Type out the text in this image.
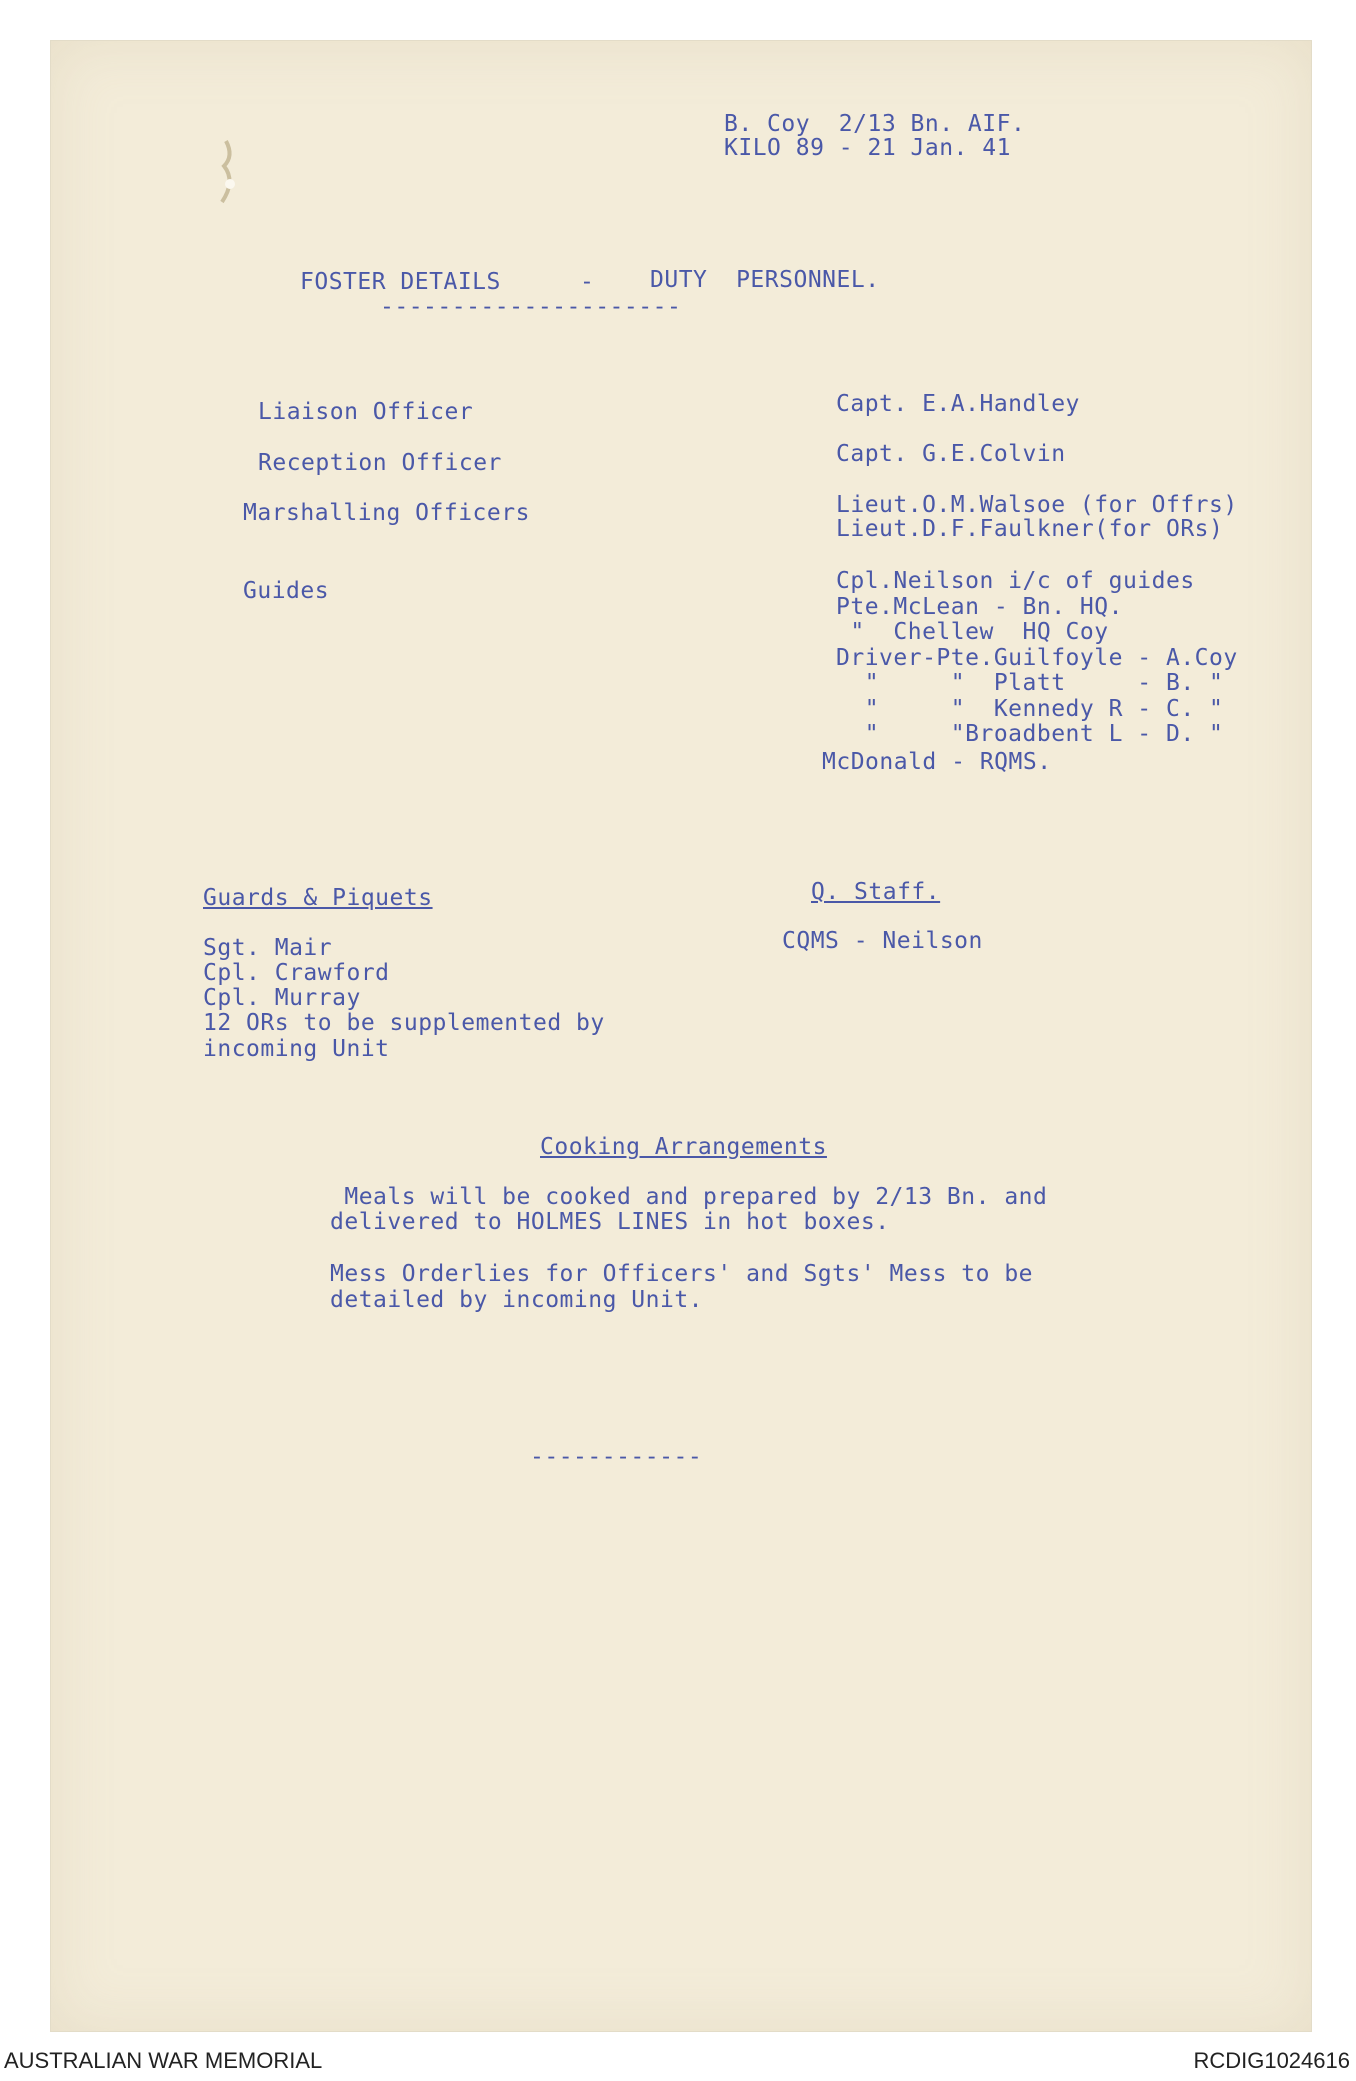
B. Coy  2/13 Bn. AIF.
KILO 89 - 21 Jan. 41
FOSTER DETAILS	- DUTY  PERSONNEL.
---------------------
Liaison Officer
Reception Officer
Marshalling Officers
Guides
Capt. E.A.Handley
Capt. G.E.Colvin
Lieut.O.M.Walsoe (for Offrs)
Lieut.D.F.Faulkner(for ORs)
Cpl.Neilson i/c of guides
Pte.McLean - Bn. HQ.
"  Chellew  HQ Coy
Driver-Pte.Guilfoyle - A.Coy
"     "  Platt     - B. "
"     "  Kennedy R - C. "
"     "Broadbent L - D. "
McDonald - RQMS.
Guards & Piquets
Sgt. Mair
Cpl. Crawford
Cpl. Murray
12 ORs to be supplemented by
incoming Unit
Q. Staff.
CQMS - Neilson
Cooking Arrangements
Meals will be cooked and prepared by 2/13 Bn. and
delivered to HOLMES LINES in hot boxes.
Mess Orderlies for Officers' and Sgts' Mess to be
detailed by incoming Unit.
------------
AUSTRALIAN WAR MEMORIAL	RCDIG1024616
